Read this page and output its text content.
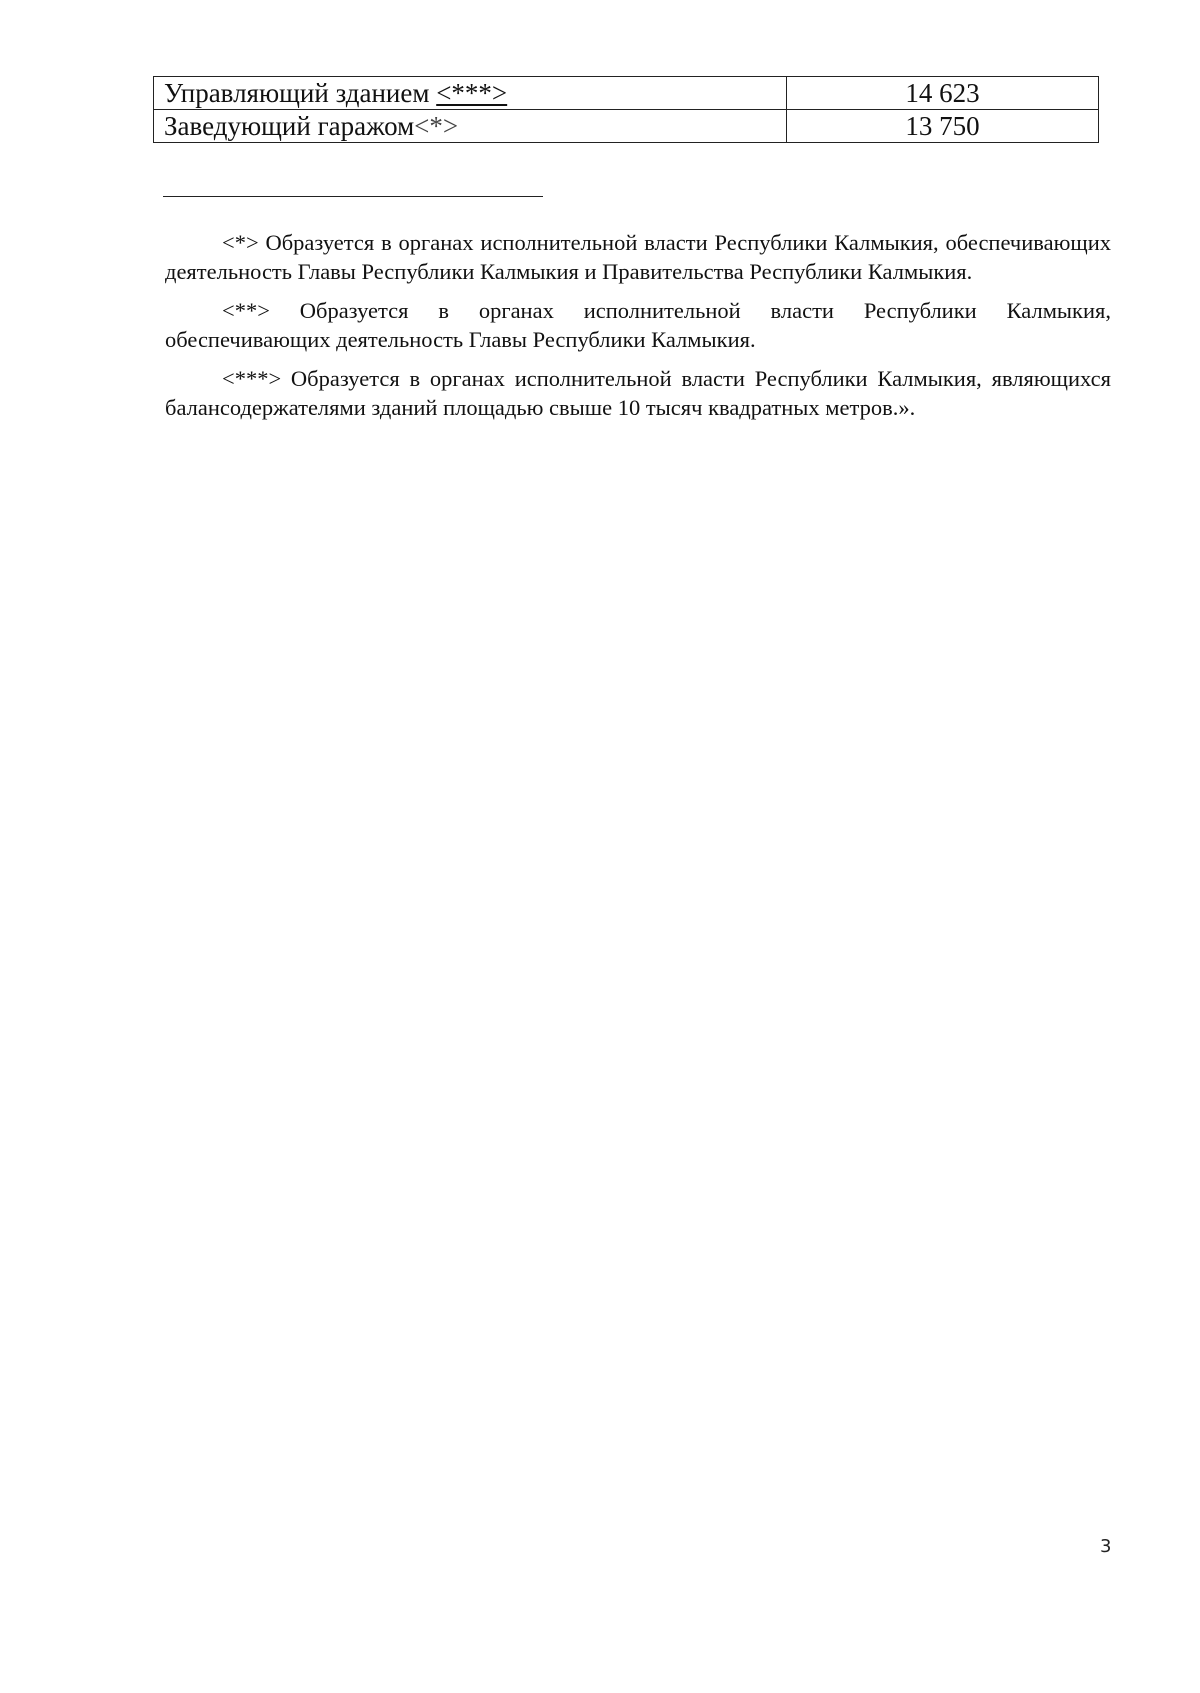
Управляющий зданием <***>	14 623
Заведующий гаражом<*>	13 750

<*> Образуется в органах исполнительной власти Республики Калмыкия, обеспечивающих деятельность Главы Республики Калмыкия и Правительства Республики Калмыкия.

<**> Образуется в органах исполнительной власти Республики Калмыкия, обеспечивающих деятельность Главы Республики Калмыкия.

<***> Образуется в органах исполнительной власти Республики Калмыкия, являющихся балансодержателями зданий площадью свыше 10 тысяч квадратных метров.».

3
